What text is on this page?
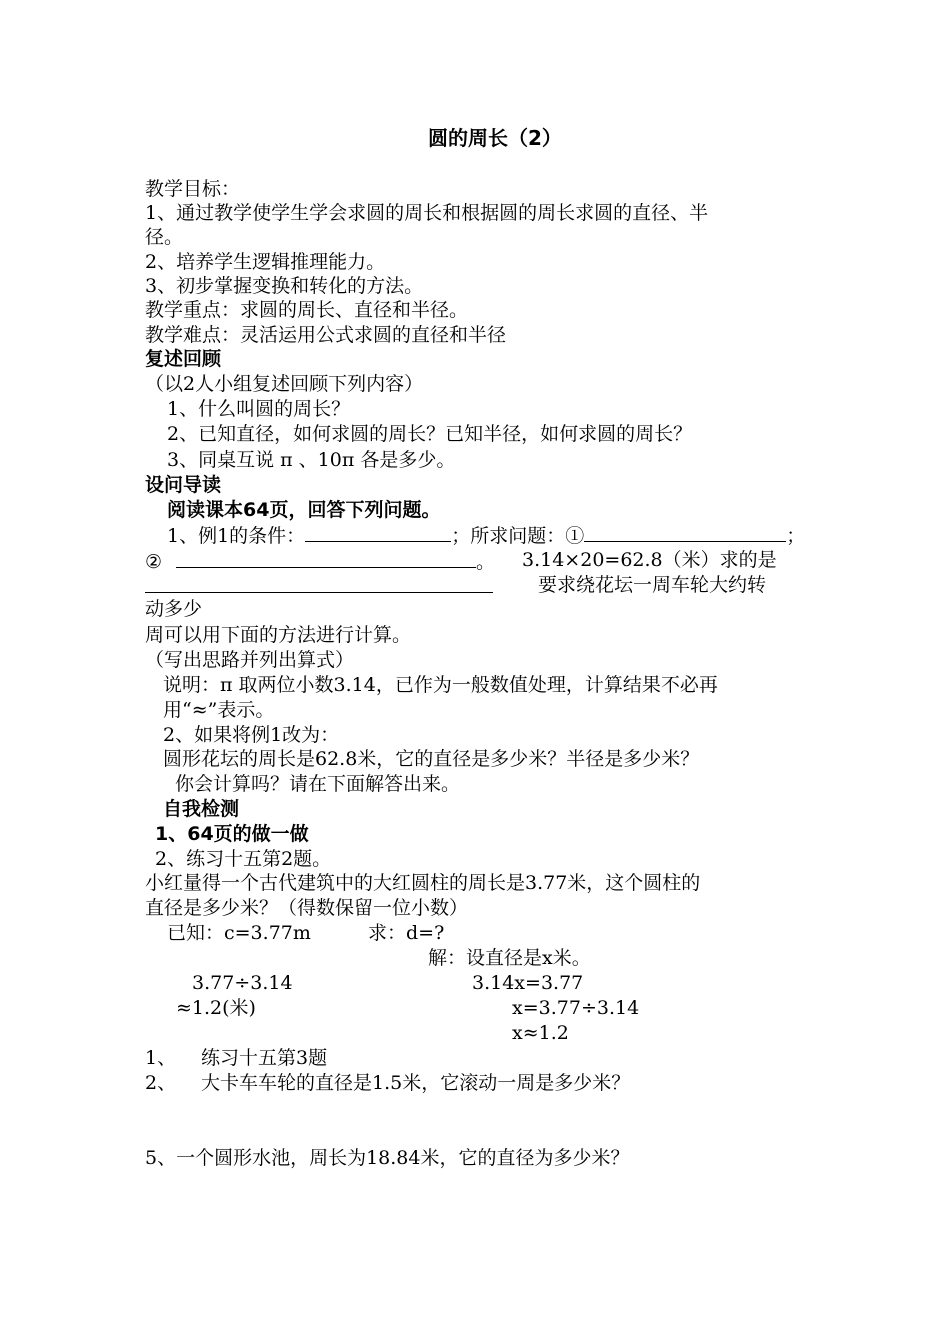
圆的周长（2）
教学目标：
1、通过教学使学生学会求圆的周长和根据圆的周长求圆的直径、半
径。
2、培养学生逻辑推理能力。
3、初步掌握变换和转化的方法。
教学重点：求圆的周长、直径和半径。
教学难点：灵活运用公式求圆的直径和半径
复述回顾
（以2人小组复述回顾下列内容）
1、什么叫圆的周长？
2、已知直径，如何求圆的周长？已知半径，如何求圆的周长？
3、同桌互说 π 、10π 各是多少。
设问导读
阅读课本64页，回答下列问题。
1、例1的条件：	；所求问题：①	；
②	。 3.14×20=62.8（米）求的是
要求绕花坛一周车轮大约转
动多少
周可以用下面的方法进行计算。
（写出思路并列出算式）
说明：π 取两位小数3.14，已作为一般数值处理，计算结果不必再
用“≈”表示。
2、如果将例1改为：
圆形花坛的周长是62.8米，它的直径是多少米？半径是多少米？
你会计算吗？请在下面解答出来。
自我检测
1、64页的做一做
2、练习十五第2题。
小红量得一个古代建筑中的大红圆柱的周长是3.77米，这个圆柱的
直径是多少米？（得数保留一位小数）
已知：c=3.77m	求：d=?
解：设直径是x米。
3.77÷3.14	3.14x=3.77
≈1.2(米)	x=3.77÷3.14
x≈1.2
1、 练习十五第3题
2、 大卡车车轮的直径是1.5米，它滚动一周是多少米？
5、一个圆形水池，周长为18.84米，它的直径为多少米？
